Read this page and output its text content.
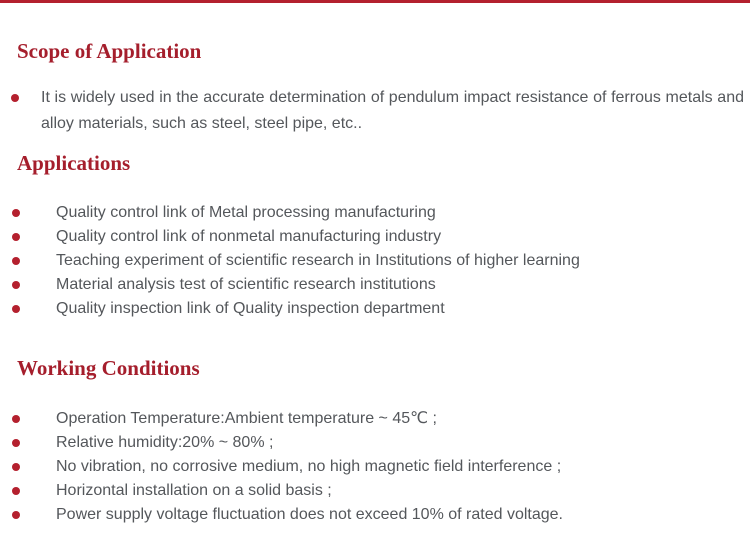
Scope of Application
It is widely used in the accurate determination of pendulum impact resistance of ferrous metals and alloy materials, such as steel, steel pipe, etc..
Applications
Quality control link of Metal processing manufacturing
Quality control link of nonmetal manufacturing industry
Teaching experiment of scientific research in Institutions of higher learning
Material analysis test of scientific research institutions
Quality inspection link of Quality inspection department
Working Conditions
Operation Temperature:Ambient temperature ~ 45℃ ;
Relative humidity:20% ~ 80% ;
No vibration, no corrosive medium, no high magnetic field interference ;
Horizontal installation on a solid basis ;
Power supply voltage fluctuation does not exceed 10% of rated voltage.
